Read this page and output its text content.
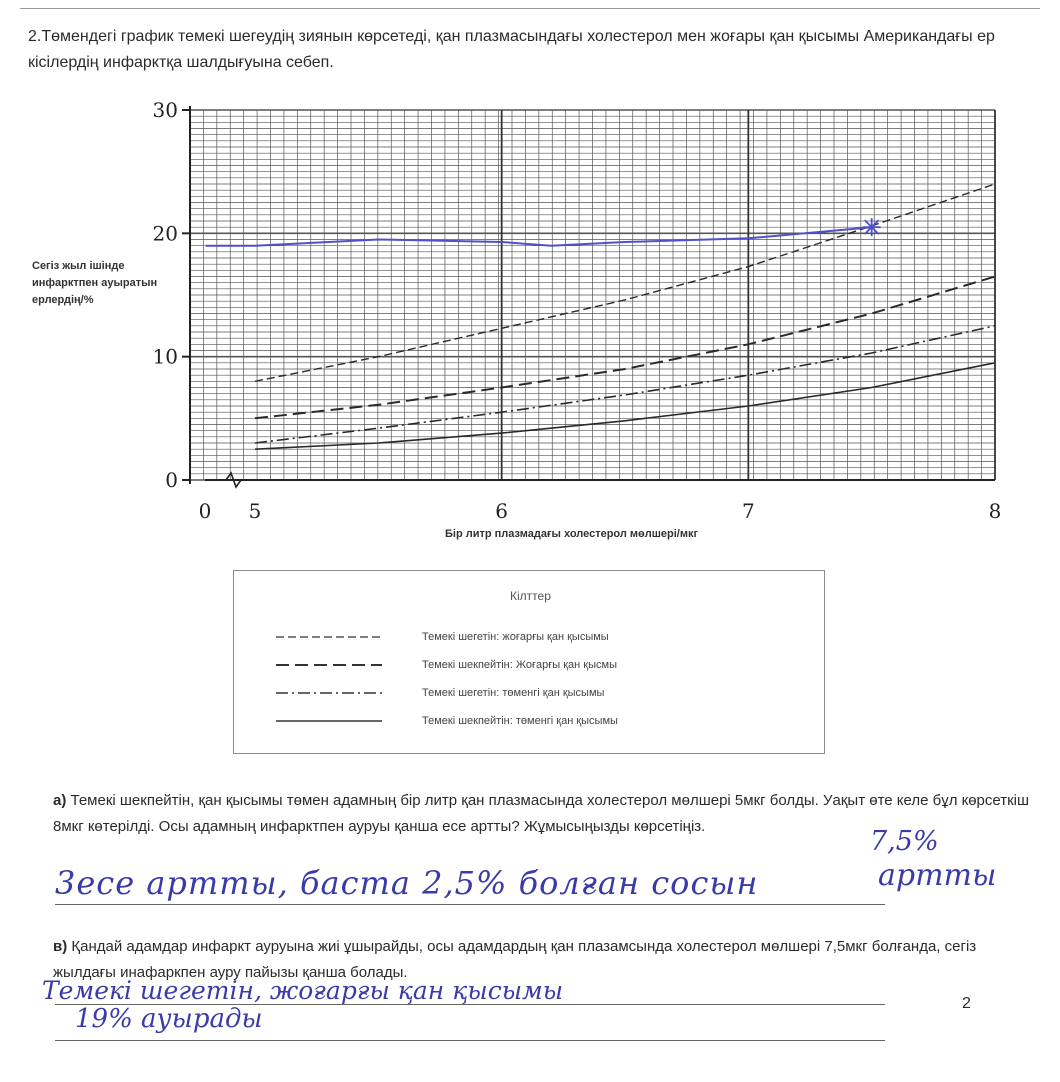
2.Төмендегі график темекі шегеудің зиянын көрсетеді, қан плазмасындағы холестерол мен жоғары қан қысымы Американдағы ер кісілердің инфарктқа шалдығуына себеп.
0
10
20
30
0 5	6	7	8
Сегіз жыл ішінде инфарктпен ауыратын ерлердің/%
Бір литр плазмадағы холестерол мөлшері/мкг
Кілттер
Темекі шегетін: жоғарғы қан қысымы
Темекі шекпейтін: Жоғарғы қан қысмы
Темекі шегетін: төменгі қан қысымы
Темекі шекпейтін: төменгі қан қысымы
а) Темекі шекпейтін, қан қысымы төмен адамның бір литр қан плазмасында холестерол мөлшері 5мкг болды. Уақыт өте келе бұл көрсеткіш 8мкг көтерілді. Осы адамның инфарктпен ауруы қанша есе артты? Жұмысыңызды көрсетіңіз.	7,5%
3есе артты, баста 2,5% болған сосын	артты
в) Қандай адамдар инфаркт ауруына жиі ұшырайды, осы адамдардың қан плазамсында холестерол мөлшері 7,5мкг болғанда, сегіз жылдағы инафаркпен ауру пайызы қанша болады.
Темекі шегетін, жоғарғы қан қысымы
19% ауырады
2
